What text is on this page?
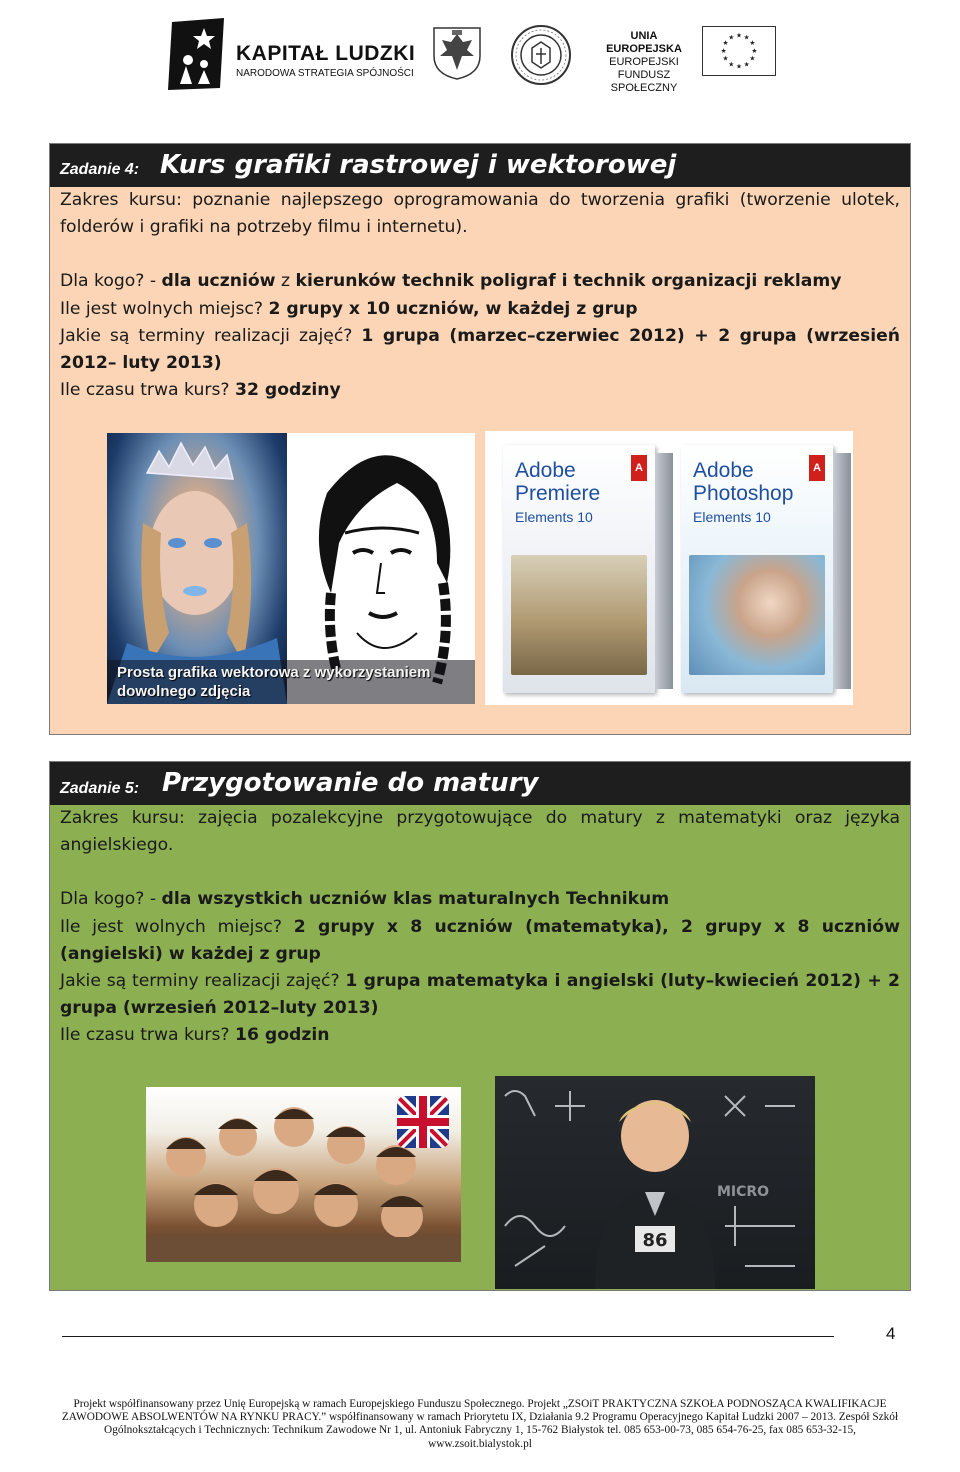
KAPITAŁ LUDZKI
NARODOWA STRATEGIA SPÓJNOŚCI
UNIA EUROPEJSKA
EUROPEJSKI
FUNDUSZ SPOŁECZNY
★ ★
★
★
★
★
★
★
★
★
★
★
Zadanie 4: Kurs grafiki rastrowej i wektorowej

Zakres kursu: poznanie najlepszego oprogramowania do tworzenia grafiki (tworzenie ulotek, folderów i grafiki na potrzeby filmu i internetu).

Dla kogo? - dla uczniów z kierunków technik poligraf i technik organizacji reklamy

Ile jest wolnych miejsc? 2 grupy x 10 uczniów, w każdej z grup

Jakie są terminy realizacji zajęć? 1 grupa (marzec–czerwiec 2012) + 2 grupa (wrzesień 2012– luty 2013)

Ile czasu trwa kurs? 32 godziny

Prosta grafika wektorowa z wykorzystaniem dowolnego zdjęcia
Adobe Premiere
Elements 10
A Adobe Photoshop
Elements 10
A
Zadanie 5: Przygotowanie do matury

Zakres kursu: zajęcia pozalekcyjne przygotowujące do matury z matematyki oraz języka angielskiego.

Dla kogo? - dla wszystkich uczniów klas maturalnych Technikum

Ile jest wolnych miejsc? 2 grupy x 8 uczniów (matematyka), 2 grupy x 8 uczniów (angielski) w każdej z grup

Jakie są terminy realizacji zajęć? 1 grupa matematyka i angielski (luty–kwiecień 2012) + 2 grupa (wrzesień 2012–luty 2013)

Ile czasu trwa kurs? 16 godzin

86
MICRO
4

Projekt współfinansowany przez Unię Europejską w ramach Europejskiego Funduszu Społecznego. Projekt „ZSOiT PRAKTYCZNA SZKOŁA PODNOSZĄCA KWALIFIKACJE

ZAWODOWE ABSOLWENTÓW NA RYNKU PRACY.” współfinansowany w ramach Priorytetu IX, Działania 9.2 Programu Operacyjnego Kapitał Ludzki 2007 – 2013. Zespół Szkół

Ogólnokształcących i Technicznych: Technikum Zawodowe Nr 1, ul. Antoniuk Fabryczny 1, 15-762 Białystok tel. 085 653-00-73, 085 654-76-25, fax 085 653-32-15,

www.zsoit.bialystok.pl
